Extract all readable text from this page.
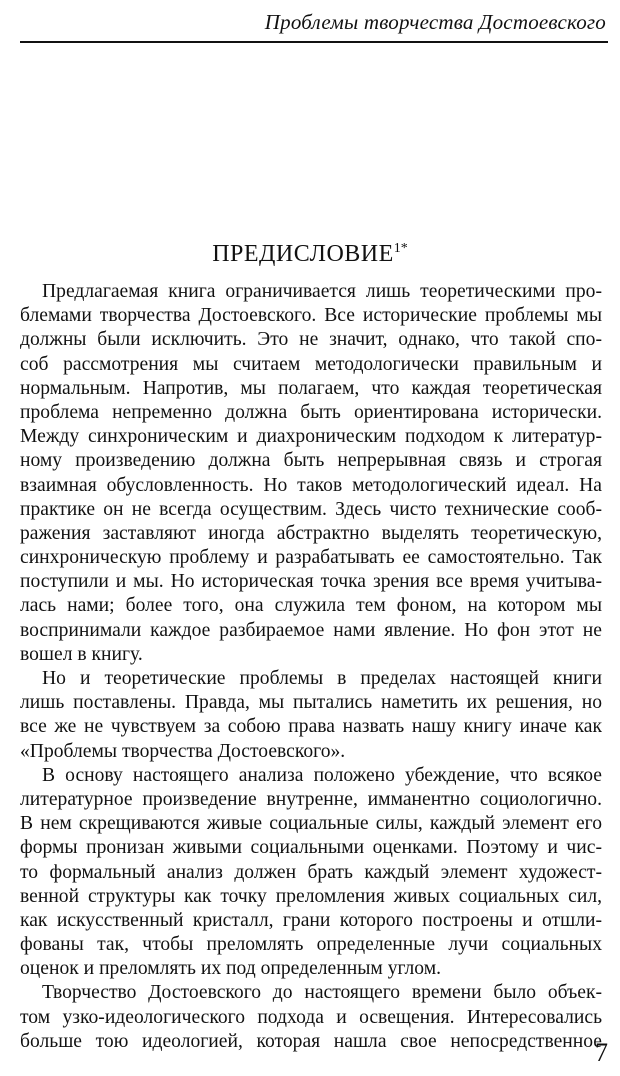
Проблемы творчества Достоевского
ПРЕДИСЛОВИЕ$^{1*}$
Предлагаемая книга ограничивается лишь теоретическими про-
блемами творчества Достоевского. Все исторические проблемы мы
должны были исключить. Это не значит, однако, что такой спо-
соб рассмотрения мы считаем методологически правильным и
нормальным. Напротив, мы полагаем, что каждая теоретическая
проблема непременно должна быть ориентирована исторически.
Между синхроническим и диахроническим подходом к литератур-
ному произведению должна быть непрерывная связь и строгая
взаимная обусловленность. Но таков методологический идеал. На
практике он не всегда осуществим. Здесь чисто технические сооб-
ражения заставляют иногда абстрактно выделять теоретическую,
синхроническую проблему и разрабатывать ее самостоятельно. Так
поступили и мы. Но историческая точка зрения все время учитыва-
лась нами; более того, она служила тем фоном, на котором мы
воспринимали каждое разбираемое нами явление. Но фон этот не
вошел в книгу.
Но и теоретические проблемы в пределах настоящей книги
лишь поставлены. Правда, мы пытались наметить их решения, но
все же не чувствуем за собою права назвать нашу книгу иначе как
«Проблемы творчества Достоевского».
В основу настоящего анализа положено убеждение, что всякое
литературное произведение внутренне, имманентно социологично.
В нем скрещиваются живые социальные силы, каждый элемент его
формы пронизан живыми социальными оценками. Поэтому и чис-
то формальный анализ должен брать каждый элемент художест-
венной структуры как точку преломления живых социальных сил,
как искусственный кристалл, грани которого построены и отшли-
фованы так, чтобы преломлять определенные лучи социальных
оценок и преломлять их под определенным углом.
Творчество Достоевского до настоящего времени было объек-
том узко-идеологического подхода и освещения. Интересовались
больше тою идеологией, которая нашла свое непосредственное
7
